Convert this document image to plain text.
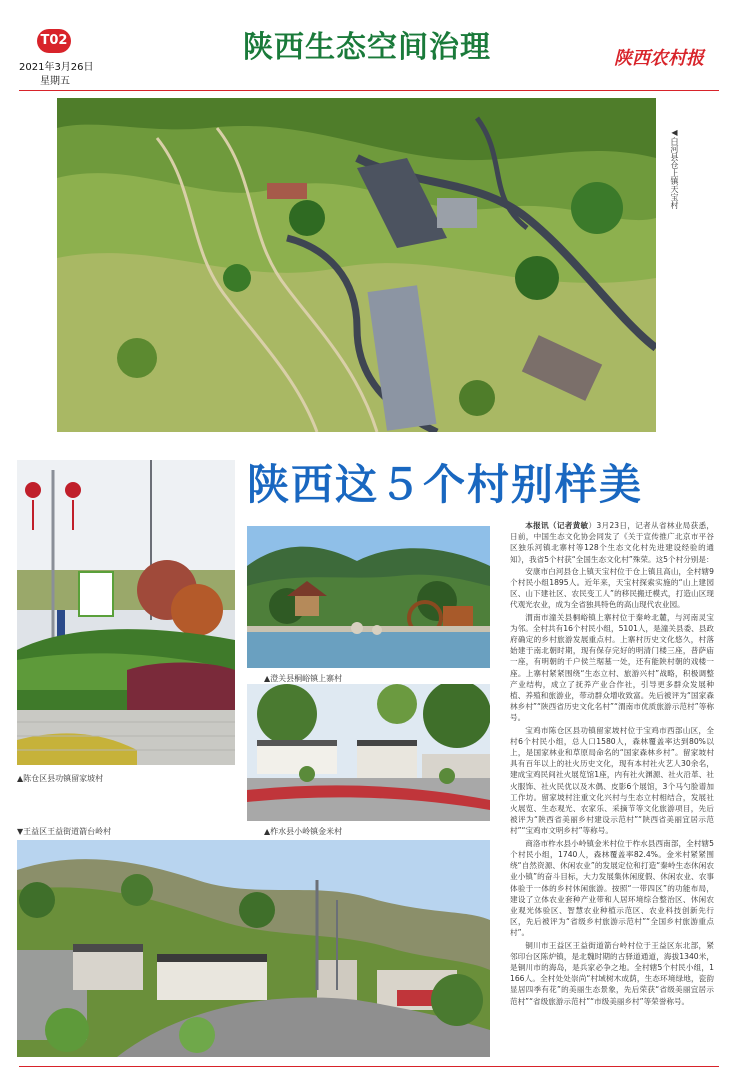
T02
2021年3月26日
星期五
陕西生态空间治理	陕西农村报
◀白河县仓上镇天宝村
陕西这５个村别样美
▲陈仓区县功镇留家坡村
▲澄关县桐峪镇上寨村
▲柞水县小岭镇金米村
▼王益区王益街道箭台岭村

本报讯（记者黄敏）3月23日，记者从省林业局获悉，日前，中国生态文化协会同发了《关于宣传推广北京市平谷区独乐河镇北寨村等128个生态文化村先进建设经验的通知》，我省5个村获“全国生态文化村”殊荣。这5个村分别是：

安康市白河县仓上镇天宝村位于仓上镇且高山，全村辖9个村民小组1895人。近年来，天宝村探索实施的“山上建园区、山下建社区、农民变工人”的移民搬迁模式，打造山区现代观光农业，成为全省独具特色的高山现代农业园。

渭南市潼关县桐峪镇上寨村位于秦岭北麓，与河南灵宝为邻。全村共有16个村民小组，5101人，是潼关县委、县政府确定的乡村旅游发展重点村。上寨村历史文化悠久，村落始建于南北朝时期，现有保存完好的明清门楼三座，普萨庙一座，有明朝的千户侯兰琚墓一处，还有能陕村朝的戏楼一座。上寨村紧紧围绕“生态立村、旅游兴村”战略，积极调整产业结构，成立了抚养产业合作社，引导更多群众发展种植、养殖和旅游业，带动群众增收致富。先后被评为“国家森林乡村”“陕西省历史文化名村”“渭南市优质旅游示范村”等称号。

宝鸡市陈仓区县功镇留家坡村位于宝鸡市西部山区，全村6个村民小组，总人口1580人，森林覆盖率达到80%以上，是国家林业和草原局命名的“国家森林乡村”。留家坡村具有百年以上的社火历史文化，现有本村社火艺人30余名，建成宝鸡民间社火展览馆1座，内有社火渊源、社火沿革、社火服饰、社火民优以及木偶、皮影6个展馆，3个马勺脸谱加工作坊。留家坡村注重文化兴村与生态立村相结合，发展社火展览、生态观光、农家乐、采摘节等文化旅游项目，先后被评为“陕西省美丽乡村建设示范村”“陕西省美丽宜居示范村”“宝鸡市文明乡村”等称号。

商洛市柞水县小岭镇金米村位于柞水县西南部，全村辖5个村民小组，1740人，森林覆盖率82.4%。金米村紧紧围绕“自然资源、休闲农业”的发展定位和打造“秦岭生态休闲农业小镇”的奋斗目标，大力发展集休闲度假、休闲农业、农事体验于一体的乡村休闲旅游。按照“一带四区”的功能布局，建设了立体农业套种产业带和人居环境综合整治区、休闲农业观光体验区、智慧农业种植示范区、农业科技创新先行区，先后被评为“省级乡村旅游示范村”“全国乡村旅游重点村”。

铜川市王益区王益街道箭台岭村位于王益区东北部，紧邻印台区陈炉镇，是北魏时期的古驿道通道，海拔1340米，是铜川市的海岛，是兵家必争之地。全村辖5个村民小组，1166人。全村处处崇尚“村域树木成荫，生态环境绿地，瓷韵显居四季有花”的美丽生态景象，先后荣获“省级美丽宜居示范村”“省级旅游示范村”“市级美丽乡村”等荣誉称号。
